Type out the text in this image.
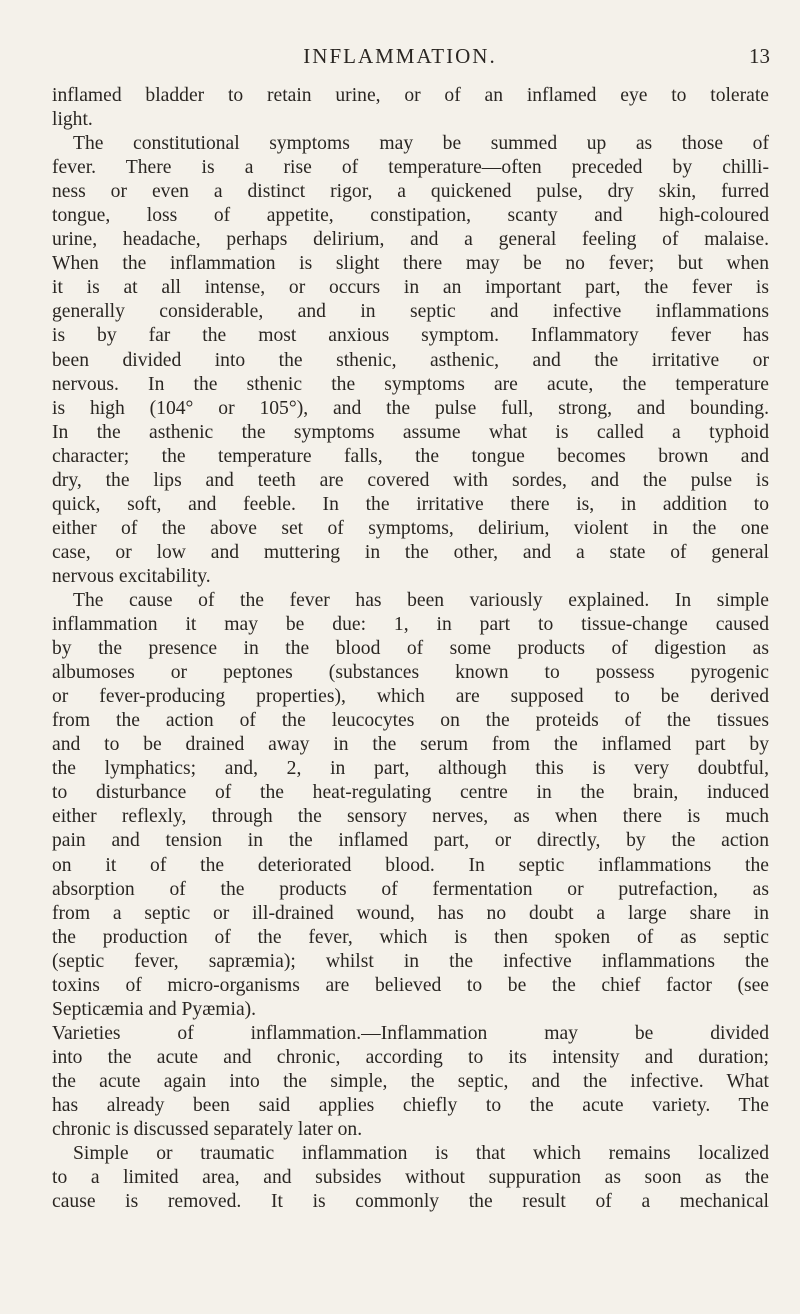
INFLAMMATION.	13
inflamed bladder to retain urine, or of an inflamed eye to tolerate
light.
The constitutional symptoms may be summed up as those of
fever. There is a rise of temperature—often preceded by chilli-
ness or even a distinct rigor, a quickened pulse, dry skin, furred
tongue, loss of appetite, constipation, scanty and high-coloured
urine, headache, perhaps delirium, and a general feeling of malaise.
When the inflammation is slight there may be no fever; but when
it is at all intense, or occurs in an important part, the fever is
generally considerable, and in septic and infective inflammations
is by far the most anxious symptom. Inflammatory fever has
been divided into the sthenic, asthenic, and the irritative or
nervous. In the sthenic the symptoms are acute, the temperature
is high (104° or 105°), and the pulse full, strong, and bounding.
In the asthenic the symptoms assume what is called a typhoid
character; the temperature falls, the tongue becomes brown and
dry, the lips and teeth are covered with sordes, and the pulse is
quick, soft, and feeble. In the irritative there is, in addition to
either of the above set of symptoms, delirium, violent in the one
case, or low and muttering in the other, and a state of general
nervous excitability.
The cause of the fever has been variously explained. In simple
inflammation it may be due: 1, in part to tissue-change caused
by the presence in the blood of some products of digestion as
albumoses or peptones (substances known to possess pyrogenic
or fever-producing properties), which are supposed to be derived
from the action of the leucocytes on the proteids of the tissues
and to be drained away in the serum from the inflamed part by
the lymphatics; and, 2, in part, although this is very doubtful,
to disturbance of the heat-regulating centre in the brain, induced
either reflexly, through the sensory nerves, as when there is much
pain and tension in the inflamed part, or directly, by the action
on it of the deteriorated blood. In septic inflammations the
absorption of the products of fermentation or putrefaction, as
from a septic or ill-drained wound, has no doubt a large share in
the production of the fever, which is then spoken of as septic
(septic fever, sapræmia); whilst in the infective inflammations the
toxins of micro-organisms are believed to be the chief factor (see
Septicæmia and Pyæmia).
Varieties of inflammation.—Inflammation may be divided
into the acute and chronic, according to its intensity and duration;
the acute again into the simple, the septic, and the infective. What
has already been said applies chiefly to the acute variety. The
chronic is discussed separately later on.
Simple or traumatic inflammation is that which remains localized
to a limited area, and subsides without suppuration as soon as the
cause is removed. It is commonly the result of a mechanical
